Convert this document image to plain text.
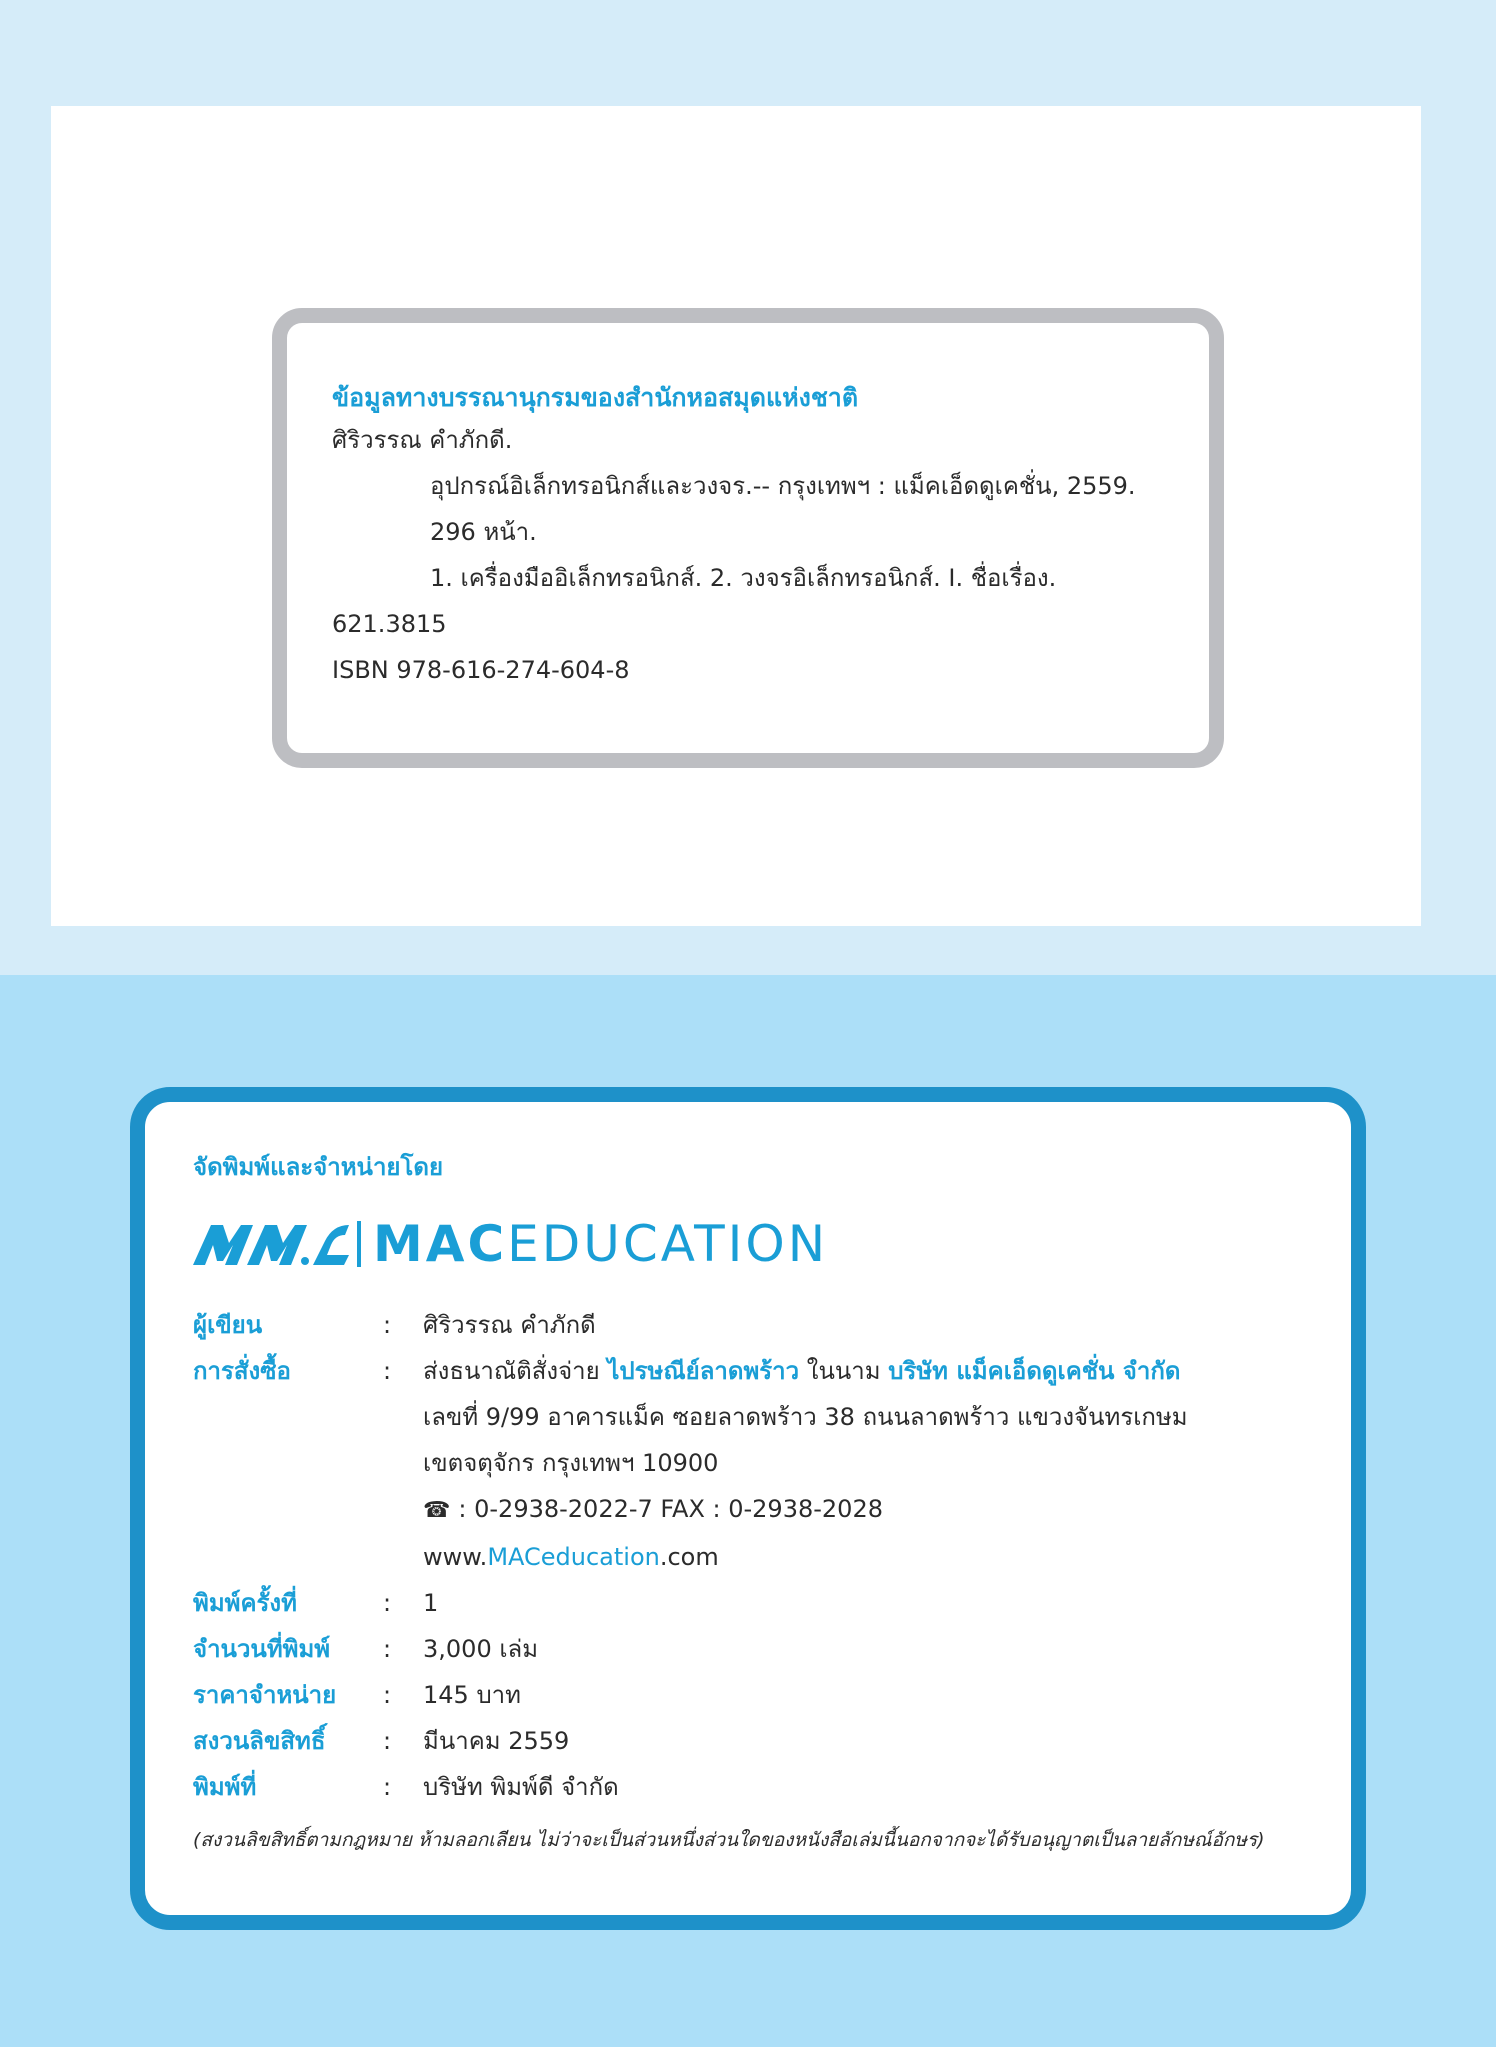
ข้อมูลทางบรรณานุกรมของสำนักหอสมุดแห่งชาติ

ศิริวรรณ คำภักดี.

อุปกรณ์อิเล็กทรอนิกส์และวงจร.-- กรุงเทพฯ : แม็คเอ็ดดูเคชั่น, 2559.

296 หน้า.

1. เครื่องมืออิเล็กทรอนิกส์. 2. วงจรอิเล็กทรอนิกส์. I. ชื่อเรื่อง.

621.3815

ISBN 978-616-274-604-8

จัดพิมพ์และจำหน่ายโดย

MACEDUCATION
ผู้เขียน	:	ศิริวรรณ คำภักดี
การสั่งซื้อ	:	ส่งธนาณัติสั่งจ่าย ไปรษณีย์ลาดพร้าว ในนาม บริษัท แม็คเอ็ดดูเคชั่น จำกัด
เลขที่ 9/99 อาคารแม็ค ซอยลาดพร้าว 38 ถนนลาดพร้าว แขวงจันทรเกษม
เขตจตุจักร กรุงเทพฯ 10900
☎ : 0-2938-2022-7 FAX : 0-2938-2028
www.MACeducation.com
พิมพ์ครั้งที่	:	1
จำนวนที่พิมพ์	:	3,000 เล่ม
ราคาจำหน่าย	:	145 บาท
สงวนลิขสิทธิ์	:	มีนาคม 2559
พิมพ์ที่	:	บริษัท พิมพ์ดี จำกัด

(สงวนลิขสิทธิ์ตามกฎหมาย ห้ามลอกเลียน ไม่ว่าจะเป็นส่วนหนึ่งส่วนใดของหนังสือเล่มนี้นอกจากจะได้รับอนุญาตเป็นลายลักษณ์อักษร)
